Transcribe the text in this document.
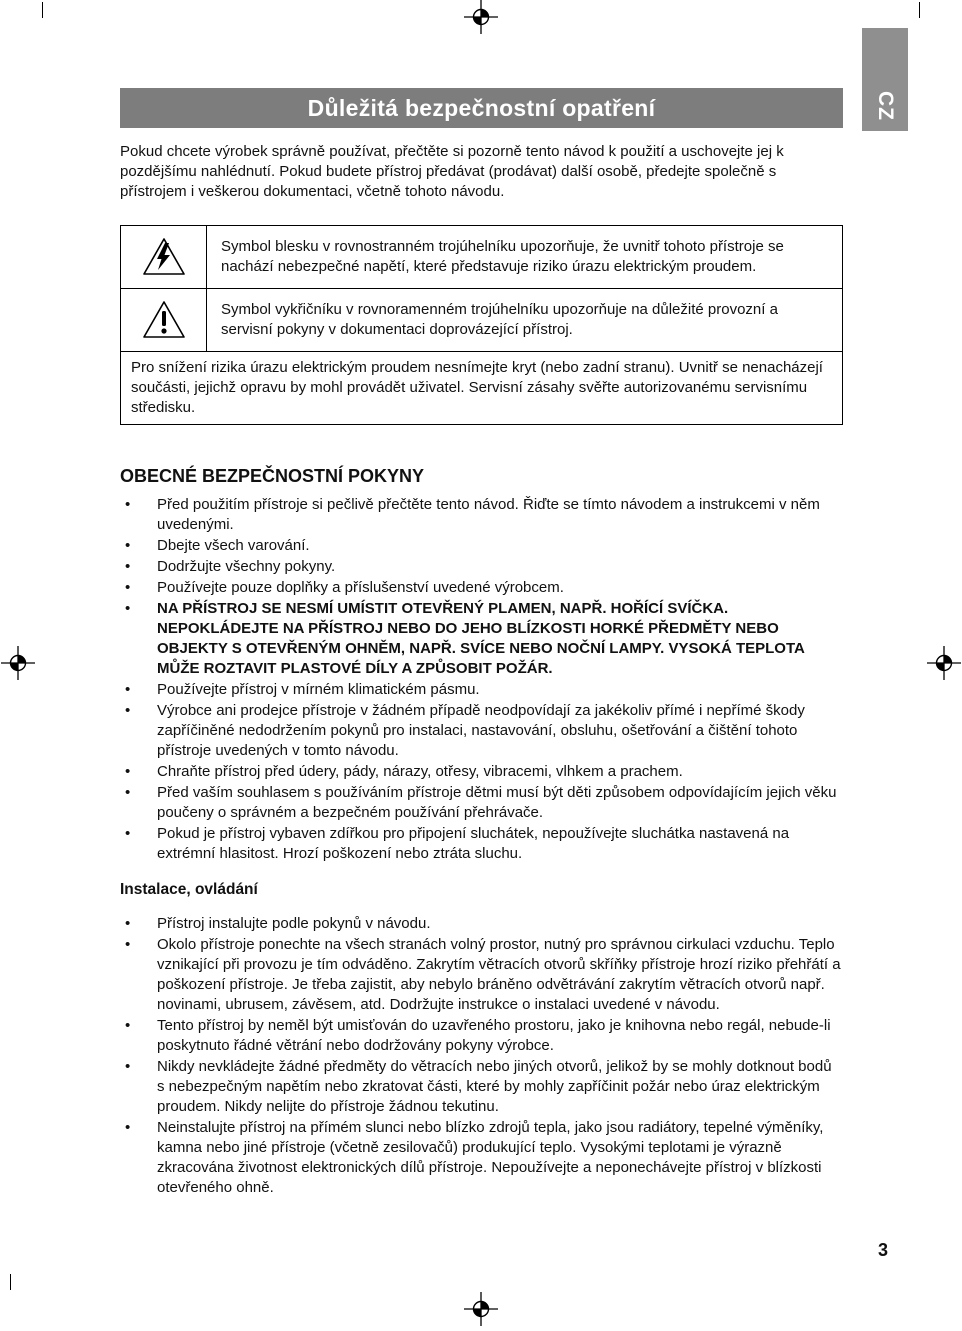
CZ
Důležitá bezpečnostní opatření

Pokud chcete výrobek správně používat, přečtěte si pozorně tento návod k použití a uschovejte jej k pozdějšímu nahlédnutí. Pokud budete přístroj předávat (prodávat) další osobě, předejte společně s přístrojem i veškerou dokumentaci, včetně tohoto návodu.

Symbol blesku v rovnostranném trojúhelníku upozorňuje, že uvnitř tohoto přístroje se nachází nebezpečné napětí, které představuje riziko úrazu elektrickým proudem.
Symbol vykřičníku v rovnoramenném trojúhelníku upozorňuje na důležité provozní a servisní pokyny v dokumentaci doprovázející přístroj.
Pro snížení rizika úrazu elektrickým proudem nesnímejte kryt (nebo zadní stranu). Uvnitř se nenacházejí součásti, jejichž opravu by mohl provádět uživatel. Servisní zásahy svěřte autorizovanému servisnímu středisku.
OBECNÉ BEZPEČNOSTNÍ POKYNY
•	Před použitím přístroje si pečlivě přečtěte tento návod. Řiďte se tímto návodem a instrukcemi v něm uvedenými.
•	Dbejte všech varování.
•	Dodržujte všechny pokyny.
•	Používejte pouze doplňky a příslušenství uvedené výrobcem.
•	NA PŘÍSTROJ SE NESMÍ UMÍSTIT OTEVŘENÝ PLAMEN, NAPŘ. HOŘÍCÍ SVÍČKA. NEPOKLÁDEJTE NA PŘÍSTROJ NEBO DO JEHO BLÍZKOSTI HORKÉ PŘEDMĚTY NEBO OBJEKTY S OTEVŘENÝM OHNĚM, NAPŘ. SVÍCE NEBO NOČNÍ LAMPY. VYSOKÁ TEPLOTA MŮŽE ROZTAVIT PLASTOVÉ DÍLY A ZPŮSOBIT POŽÁR.
•	Používejte přístroj v mírném klimatickém pásmu.
•	Výrobce ani prodejce přístroje v žádném případě neodpovídají za jakékoliv přímé i nepřímé škody zapříčiněné nedodržením pokynů pro instalaci, nastavování, obsluhu, ošetřování a čištění tohoto přístroje uvedených v tomto návodu.
•	Chraňte přístroj před údery, pády, nárazy, otřesy, vibracemi, vlhkem a prachem.
•	Před vaším souhlasem s používáním přístroje dětmi musí být děti způsobem odpovídajícím jejich věku poučeny o správném a bezpečném používání přehrávače.
•	Pokud je přístroj vybaven zdířkou pro připojení sluchátek, nepoužívejte sluchátka nastavená na extrémní hlasitost. Hrozí poškození nebo ztráta sluchu.
Instalace, ovládání
•	Přístroj instalujte podle pokynů v návodu.
•	Okolo přístroje ponechte na všech stranách volný prostor, nutný pro správnou cirkulaci vzduchu. Teplo vznikající při provozu je tím odváděno. Zakrytím větracích otvorů skříňky přístroje hrozí riziko přehřátí a poškození přístroje. Je třeba zajistit, aby nebylo bráněno odvětrávání zakrytím větracích otvorů např. novinami, ubrusem, závěsem, atd. Dodržujte instrukce o instalaci uvedené v návodu.
•	Tento přístroj by neměl být umisťován do uzavřeného prostoru, jako je knihovna nebo regál, nebude-li poskytnuto řádné větrání nebo dodržovány pokyny výrobce.
•	Nikdy nevkládejte žádné předměty do větracích nebo jiných otvorů, jelikož by se mohly dotknout bodů s nebezpečným napětím nebo zkratovat části, které by mohly zapříčinit požár nebo úraz elektrickým proudem. Nikdy nelijte do přístroje žádnou tekutinu.
•	Neinstalujte přístroj na přímém slunci nebo blízko zdrojů tepla, jako jsou radiátory, tepelné výměníky, kamna nebo jiné přístroje (včetně zesilovačů) produkující teplo. Vysokými teplotami je výrazně zkracována životnost elektronických dílů přístroje. Nepoužívejte a neponechávejte přístroj v blízkosti otevřeného ohně.
3
